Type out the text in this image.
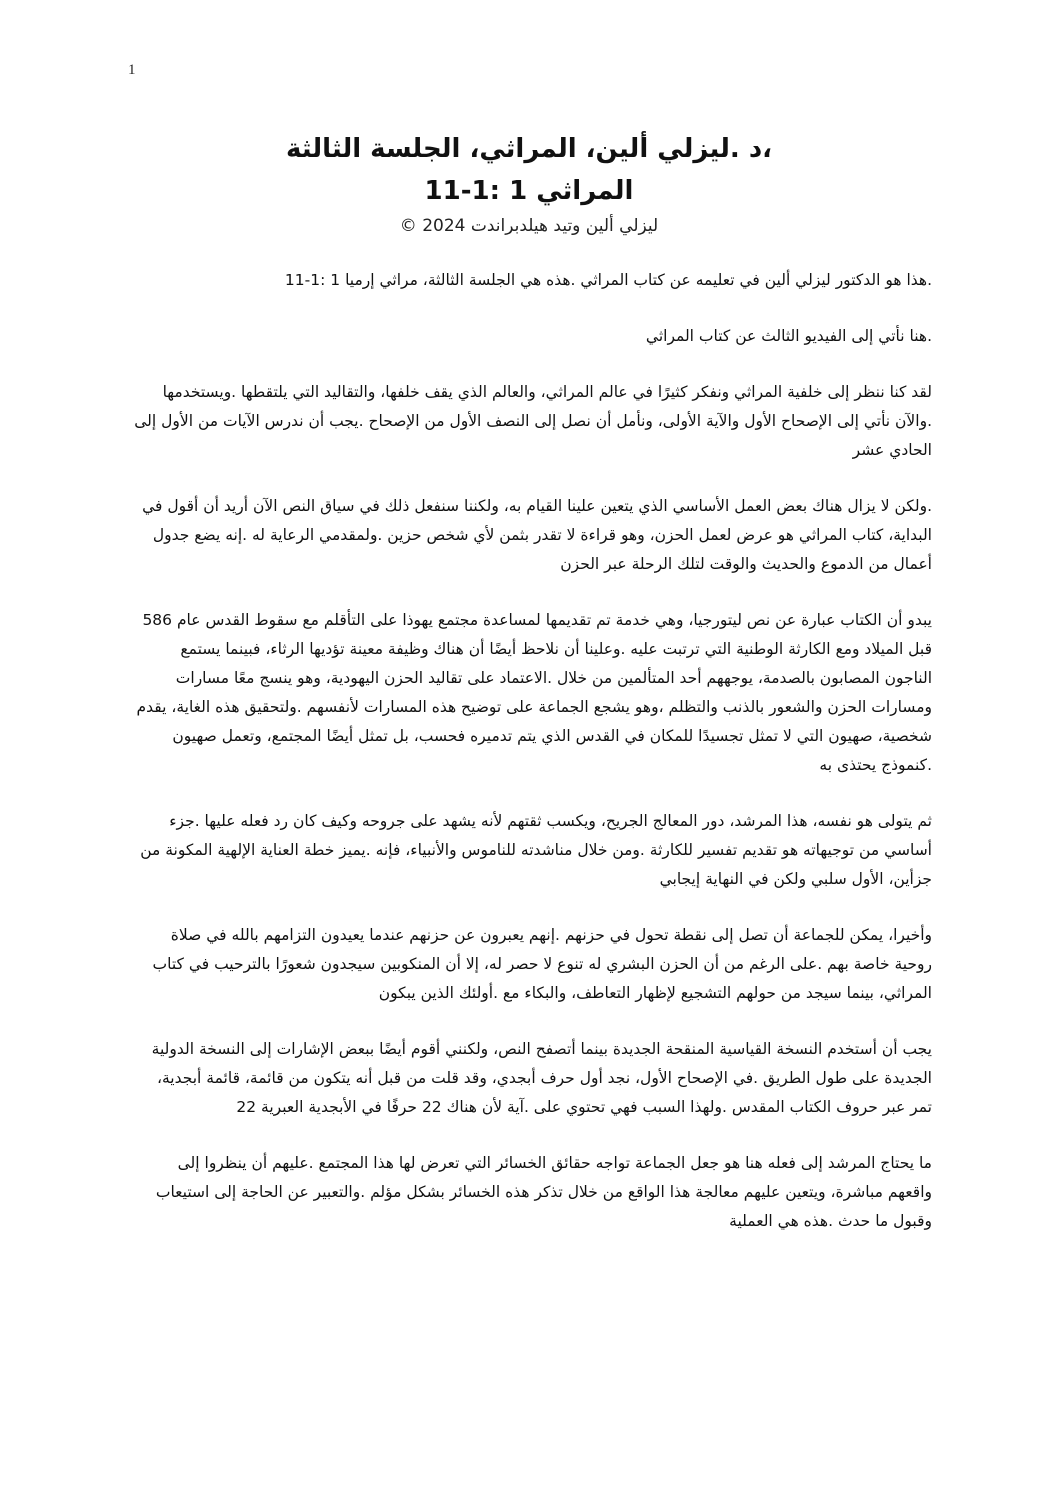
1

،د .ليزلي ألين، المراثي، الجلسة الثالثة

المراثي 1 :1-11

ليزلي ألين وتيد هيلدبراندت 2024 ©

.هذا هو الدكتور ليزلي ألين في تعليمه عن كتاب المراثي .هذه هي الجلسة الثالثة، مراثي إرميا 1 :1-11

.هنا نأتي إلى الفيديو الثالث عن كتاب المراثي

لقد كنا ننظر إلى خلفية المراثي ونفكر كثيرًا في عالم المراثي، والعالم الذي يقف خلفها، والتقاليد التي يلتقطها .ويستخدمها .والآن نأتي إلى الإصحاح الأول والآية الأولى، ونأمل أن نصل إلى النصف الأول من الإصحاح .يجب أن ندرس الآيات من الأول إلى الحادي عشر

.ولكن لا يزال هناك بعض العمل الأساسي الذي يتعين علينا القيام به، ولكننا سنفعل ذلك في سياق النص الآن أريد أن أقول في البداية، كتاب المراثي هو عرض لعمل الحزن، وهو قراءة لا تقدر بثمن لأي شخص حزين .ولمقدمي الرعاية له .إنه يضع جدول أعمال من الدموع والحديث والوقت لتلك الرحلة عبر الحزن

يبدو أن الكتاب عبارة عن نص ليتورجيا، وهي خدمة تم تقديمها لمساعدة مجتمع يهوذا على التأقلم مع سقوط القدس عام 586 قبل الميلاد ومع الكارثة الوطنية التي ترتبت عليه .وعلينا أن نلاحظ أيضًا أن هناك وظيفة معينة تؤديها الرثاء، فبينما يستمع الناجون المصابون بالصدمة، يوجههم أحد المتألمين من خلال .الاعتماد على تقاليد الحزن اليهودية، وهو ينسج معًا مسارات ومسارات الحزن والشعور بالذنب والتظلم ،وهو يشجع الجماعة على توضيح هذه المسارات لأنفسهم .ولتحقيق هذه الغاية، يقدم شخصية، صهيون التي لا تمثل تجسيدًا للمكان في القدس الذي يتم تدميره فحسب، بل تمثل أيضًا المجتمع، وتعمل صهيون .كنموذج يحتذى به

ثم يتولى هو نفسه، هذا المرشد، دور المعالج الجريح، ويكسب ثقتهم لأنه يشهد على جروحه وكيف كان رد فعله عليها .جزء أساسي من توجيهاته هو تقديم تفسير للكارثة .ومن خلال مناشدته للناموس والأنبياء، فإنه .يميز خطة العناية الإلهية المكونة من جزأين، الأول سلبي ولكن في النهاية إيجابي

وأخيرا، يمكن للجماعة أن تصل إلى نقطة تحول في حزنهم .إنهم يعبرون عن حزنهم عندما يعيدون التزامهم بالله في صلاة روحية خاصة بهم .على الرغم من أن الحزن البشري له تنوع لا حصر له، إلا أن المنكوبين سيجدون شعورًا بالترحيب في كتاب المراثي، بينما سيجد من حولهم التشجيع لإظهار التعاطف، والبكاء مع .أولئك الذين يبكون

يجب أن أستخدم النسخة القياسية المنقحة الجديدة بينما أتصفح النص، ولكنني أقوم أيضًا ببعض الإشارات إلى النسخة الدولية الجديدة على طول الطريق .في الإصحاح الأول، نجد أول حرف أبجدي، وقد قلت من قبل أنه يتكون من قائمة، قائمة أبجدية، تمر عبر حروف الكتاب المقدس .ولهذا السبب فهي تحتوي على .آية لأن هناك 22 حرفًا في الأبجدية العبرية 22

ما يحتاج المرشد إلى فعله هنا هو جعل الجماعة تواجه حقائق الخسائر التي تعرض لها هذا المجتمع .عليهم أن ينظروا إلى واقعهم مباشرة، ويتعين عليهم معالجة هذا الواقع من خلال تذكر هذه الخسائر بشكل مؤلم .والتعبير عن الحاجة إلى استيعاب وقبول ما حدث .هذه هي العملية
